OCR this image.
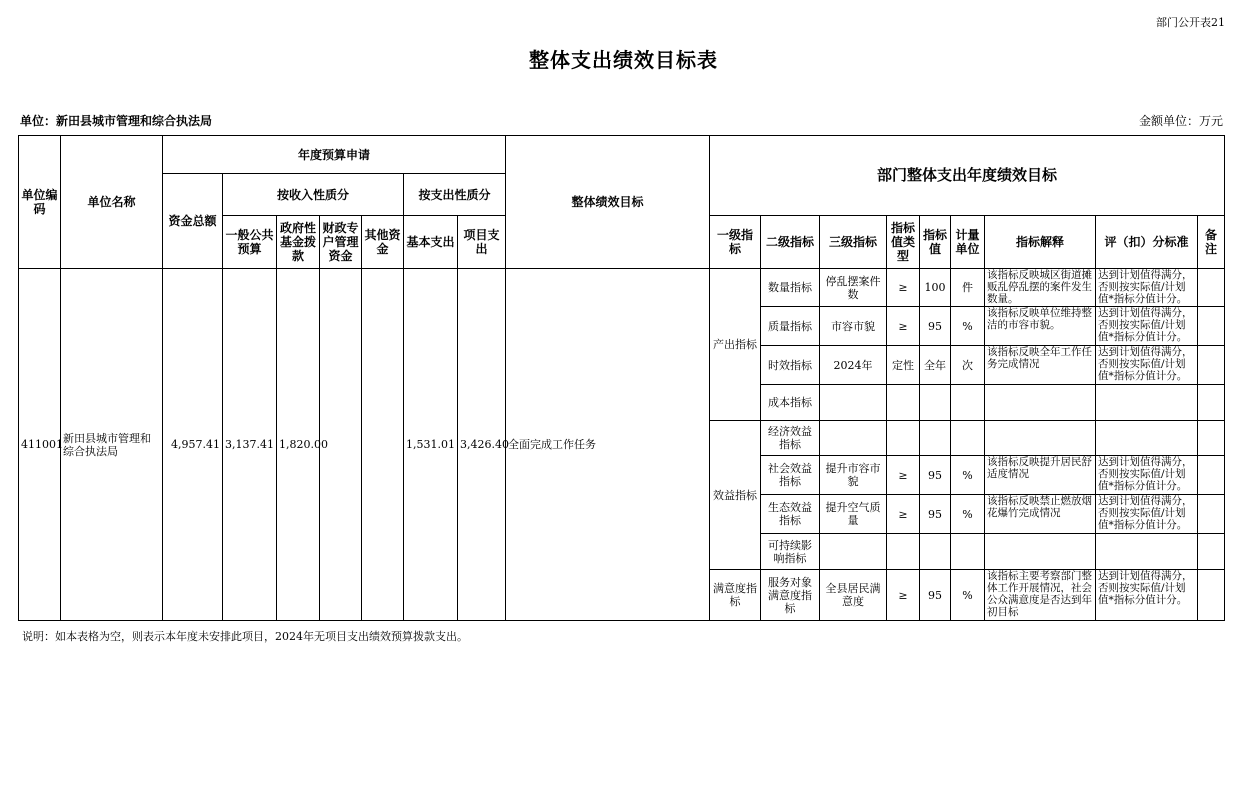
部门公开表21
整体支出绩效目标表
单位：新田县城市管理和综合执法局	金额单位：万元
单位编码	单位名称	年度预算申请							整体绩效目标	部门整体支出年度绩效目标								
		资金总额	按收入性质分				按支出性质分											
			一般公共预算	政府性基金拨款	财政专户管理资金	其他资金	基本支出	项目支出		一级指标	二级指标	三级指标	指标值类型	指标值	计量单位	指标解释	评（扣）分标准	备注
411001	新田县城市管理和综合执法局	4,957.41	3,137.41	1,820.00			1,531.01	3,426.40	全面完成工作任务	产出指标	数量指标	停乱摆案件数	≥	100	件	该指标反映城区街道摊贩乱停乱摆的案件发生数量。	达到计划值得满分，否则按实际值/计划值*指标分值计分。	

											质量指标	市容市貌	≥	95	%	该指标反映单位维持整洁的市容市貌。	达到计划值得满分，否则按实际值/计划值*指标分值计分。	

											时效指标	2024年	定性	全年	次	该指标反映全年工作任务完成情况	达到计划值得满分，否则按实际值/计划值*指标分值计分。	

											成本指标					

										效益指标	经济效益指标					

											社会效益指标	提升市容市貌	≥	95	%	该指标反映提升居民舒适度情况	达到计划值得满分，否则按实际值/计划值*指标分值计分。	

											生态效益指标	提升空气质量	≥	95	%	该指标反映禁止燃放烟花爆竹完成情况	达到计划值得满分，否则按实际值/计划值*指标分值计分。	

											可持续影响指标					

										满意度指标	服务对象满意度指标	全县居民满意度	≥	95	%	该指标主要考察部门整体工作开展情况，社会公众满意度是否达到年初目标	达到计划值得满分，否则按实际值/计划值*指标分值计分。	

说明：如本表格为空，则表示本年度未安排此项目，2024年无项目支出绩效预算拨款支出。
